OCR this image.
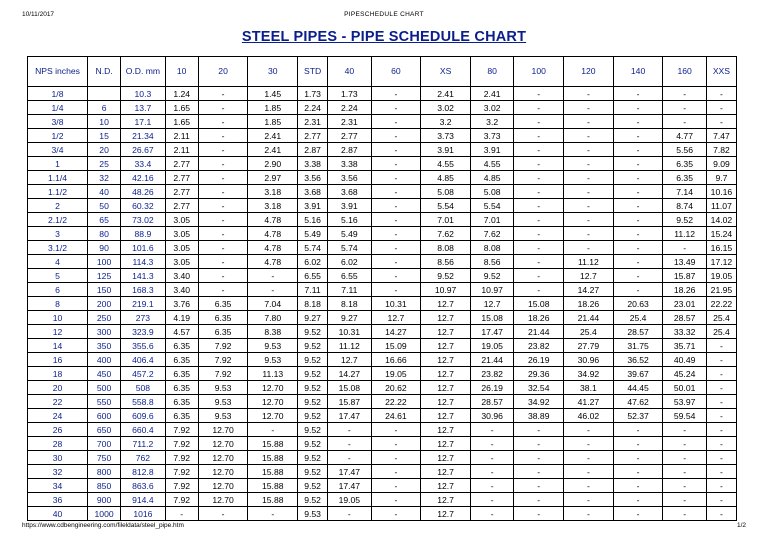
10/11/2017	PIPESCHEDULE CHART
STEEL PIPES - PIPE SCHEDULE CHART
NPS inches	N.D.	O.D. mm	10	20	30	STD	40	60	XS	80	100	120	140	160	XXS
1/8		10.3	1.24	-	1.45	1.73	1.73	-	2.41	2.41	-	-	-	-	-
1/4	6	13.7	1.65	-	1.85	2.24	2.24	-	3.02	3.02	-	-	-	-	-
3/8	10	17.1	1.65	-	1.85	2.31	2.31	-	3.2	3.2	-	-	-	-	-
1/2	15	21.34	2.11	-	2.41	2.77	2.77	-	3.73	3.73	-	-	-	4.77	7.47
3/4	20	26.67	2.11	-	2.41	2.87	2.87	-	3.91	3.91	-	-	-	5.56	7.82
1	25	33.4	2.77	-	2.90	3.38	3.38	-	4.55	4.55	-	-	-	6.35	9.09
1.1/4	32	42.16	2.77	-	2.97	3.56	3.56	-	4.85	4.85	-	-	-	6.35	9.7
1.1/2	40	48.26	2.77	-	3.18	3.68	3.68	-	5.08	5.08	-	-	-	7.14	10.16
2	50	60.32	2.77	-	3.18	3.91	3.91	-	5.54	5.54	-	-	-	8.74	11.07
2.1/2	65	73.02	3.05	-	4.78	5.16	5.16	-	7.01	7.01	-	-	-	9.52	14.02
3	80	88.9	3.05	-	4.78	5.49	5.49	-	7.62	7.62	-	-	-	11.12	15.24
3.1/2	90	101.6	3.05	-	4.78	5.74	5.74	-	8.08	8.08	-	-	-	-	16.15
4	100	114.3	3.05	-	4.78	6.02	6.02	-	8.56	8.56	-	11.12	-	13.49	17.12
5	125	141.3	3.40	-	-	6.55	6.55	-	9.52	9.52	-	12.7	-	15.87	19.05
6	150	168.3	3.40	-	-	7.11	7.11	-	10.97	10.97	-	14.27	-	18.26	21.95
8	200	219.1	3.76	6.35	7.04	8.18	8.18	10.31	12.7	12.7	15.08	18.26	20.63	23.01	22.22
10	250	273	4.19	6.35	7.80	9.27	9.27	12.7	12.7	15.08	18.26	21.44	25.4	28.57	25.4
12	300	323.9	4.57	6.35	8.38	9.52	10.31	14.27	12.7	17.47	21.44	25.4	28.57	33.32	25.4
14	350	355.6	6.35	7.92	9.53	9.52	11.12	15.09	12.7	19.05	23.82	27.79	31.75	35.71	-
16	400	406.4	6.35	7.92	9.53	9.52	12.7	16.66	12.7	21.44	26.19	30.96	36.52	40.49	-
18	450	457.2	6.35	7.92	11.13	9.52	14.27	19.05	12.7	23.82	29.36	34.92	39.67	45.24	-
20	500	508	6.35	9.53	12.70	9.52	15.08	20.62	12.7	26.19	32.54	38.1	44.45	50.01	-
22	550	558.8	6.35	9.53	12.70	9.52	15.87	22.22	12.7	28.57	34.92	41.27	47.62	53.97	-
24	600	609.6	6.35	9.53	12.70	9.52	17.47	24.61	12.7	30.96	38.89	46.02	52.37	59.54	-
26	650	660.4	7.92	12.70	-	9.52	-	-	12.7	-	-	-	-	-	-
28	700	711.2	7.92	12.70	15.88	9.52	-	-	12.7	-	-	-	-	-	-
30	750	762	7.92	12.70	15.88	9.52	-	-	12.7	-	-	-	-	-	-
32	800	812.8	7.92	12.70	15.88	9.52	17.47	-	12.7	-	-	-	-	-	-
34	850	863.6	7.92	12.70	15.88	9.52	17.47	-	12.7	-	-	-	-	-	-
36	900	914.4	7.92	12.70	15.88	9.52	19.05	-	12.7	-	-	-	-	-	-
40	1000	1016	-	-	-	9.53	-	-	12.7	-	-	-	-	-	-
https://www.cdbengineering.com/fileldata/steel_pipe.htm	1/2
